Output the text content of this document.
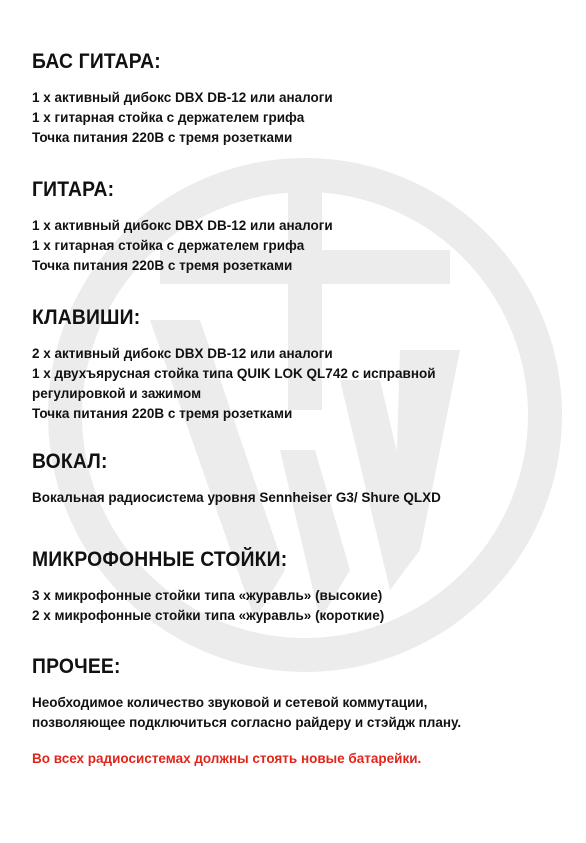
БАС ГИТАРА:
1 х активный дибокс DBX DB-12 или аналоги
1 х гитарная стойка с держателем грифа
Точка питания 220В с тремя розетками
ГИТАРА:
1 х активный дибокс DBX DB-12 или аналоги
1 х гитарная стойка с держателем грифа
Точка питания 220В с тремя розетками
КЛАВИШИ:
2 х активный дибокс DBX DB-12 или аналоги
1 х двухъярусная стойка типа QUIK LOK QL742 с исправной
регулировкой и зажимом
Точка питания 220В с тремя розетками
ВОКАЛ:
Вокальная радиосистема уровня Sennheiser G3/ Shure QLXD
МИКРОФОННЫЕ СТОЙКИ:
3 х микрофонные стойки типа «журавль» (высокие)
2 х микрофонные стойки типа «журавль» (короткие)
ПРОЧЕЕ:
Необходимое количество звуковой и сетевой коммутации,
позволяющее подключиться согласно райдеру и стэйдж плану.
Во всех радиосистемах должны стоять новые батарейки.
